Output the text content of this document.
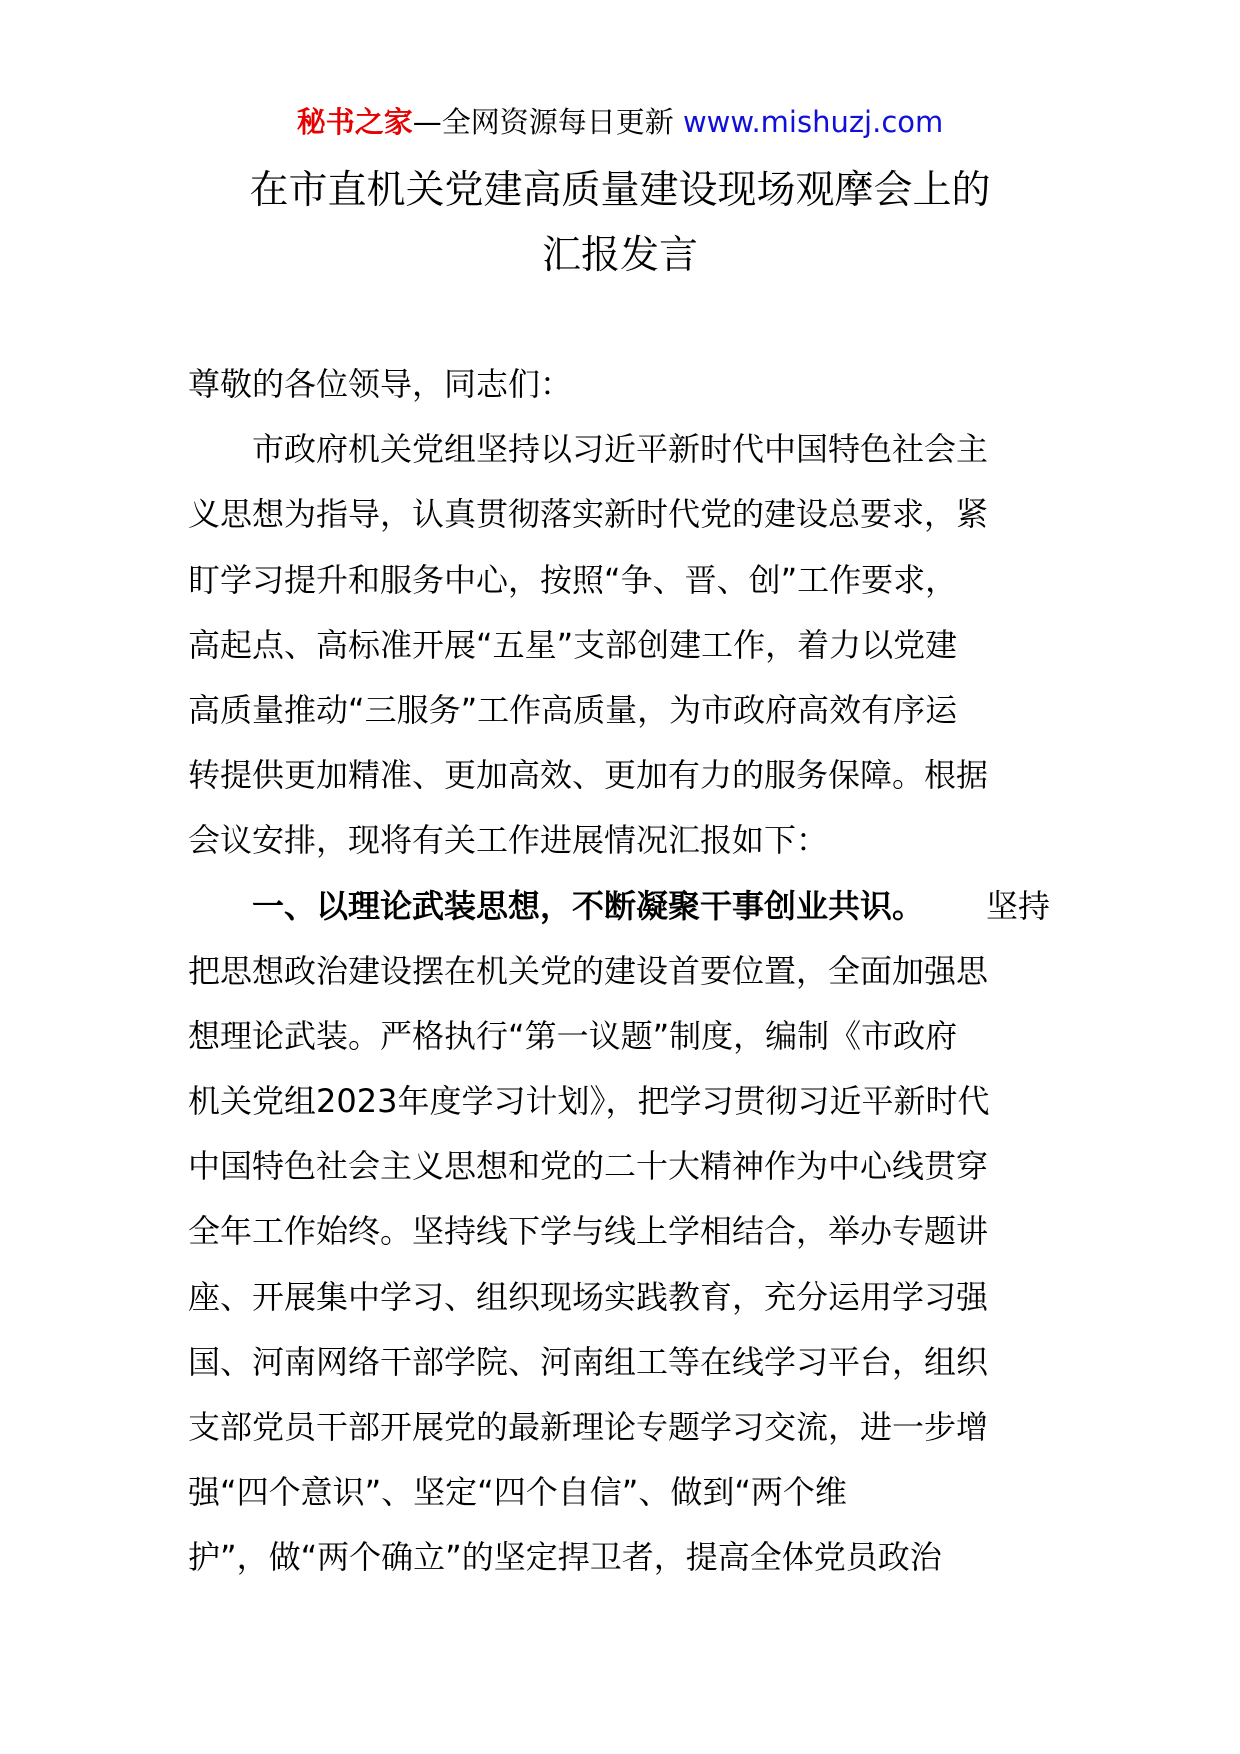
秘书之家—全网资源每日更新 www.mishuzj.com
在市直机关党建高质量建设现场观摩会上的
汇报发言
尊敬的各位领导，同志们：
市政府机关党组坚持以习近平新时代中国特色社会主
义思想为指导，认真贯彻落实新时代党的建设总要求，紧
盯学习提升和服务中心，按照“争、晋、创”工作要求，
高起点、高标准开展“五星”支部创建工作，着力以党建
高质量推动“三服务”工作高质量，为市政府高效有序运
转提供更加精准、更加高效、更加有力的服务保障。根据
会议安排，现将有关工作进展情况汇报如下：
一、以理论武装思想，不断凝聚干事创业共识。 坚持
把思想政治建设摆在机关党的建设首要位置，全面加强思
想理论武装。严格执行“第一议题”制度，编制《市政府
机关党组2023年度学习计划》，把学习贯彻习近平新时代
中国特色社会主义思想和党的二十大精神作为中心线贯穿
全年工作始终。坚持线下学与线上学相结合，举办专题讲
座、开展集中学习、组织现场实践教育，充分运用学习强
国、河南网络干部学院、河南组工等在线学习平台，组织
支部党员干部开展党的最新理论专题学习交流，进一步增
强“四个意识”、坚定“四个自信”、做到“两个维
护”，做“两个确立”的坚定捍卫者，提高全体党员政治
